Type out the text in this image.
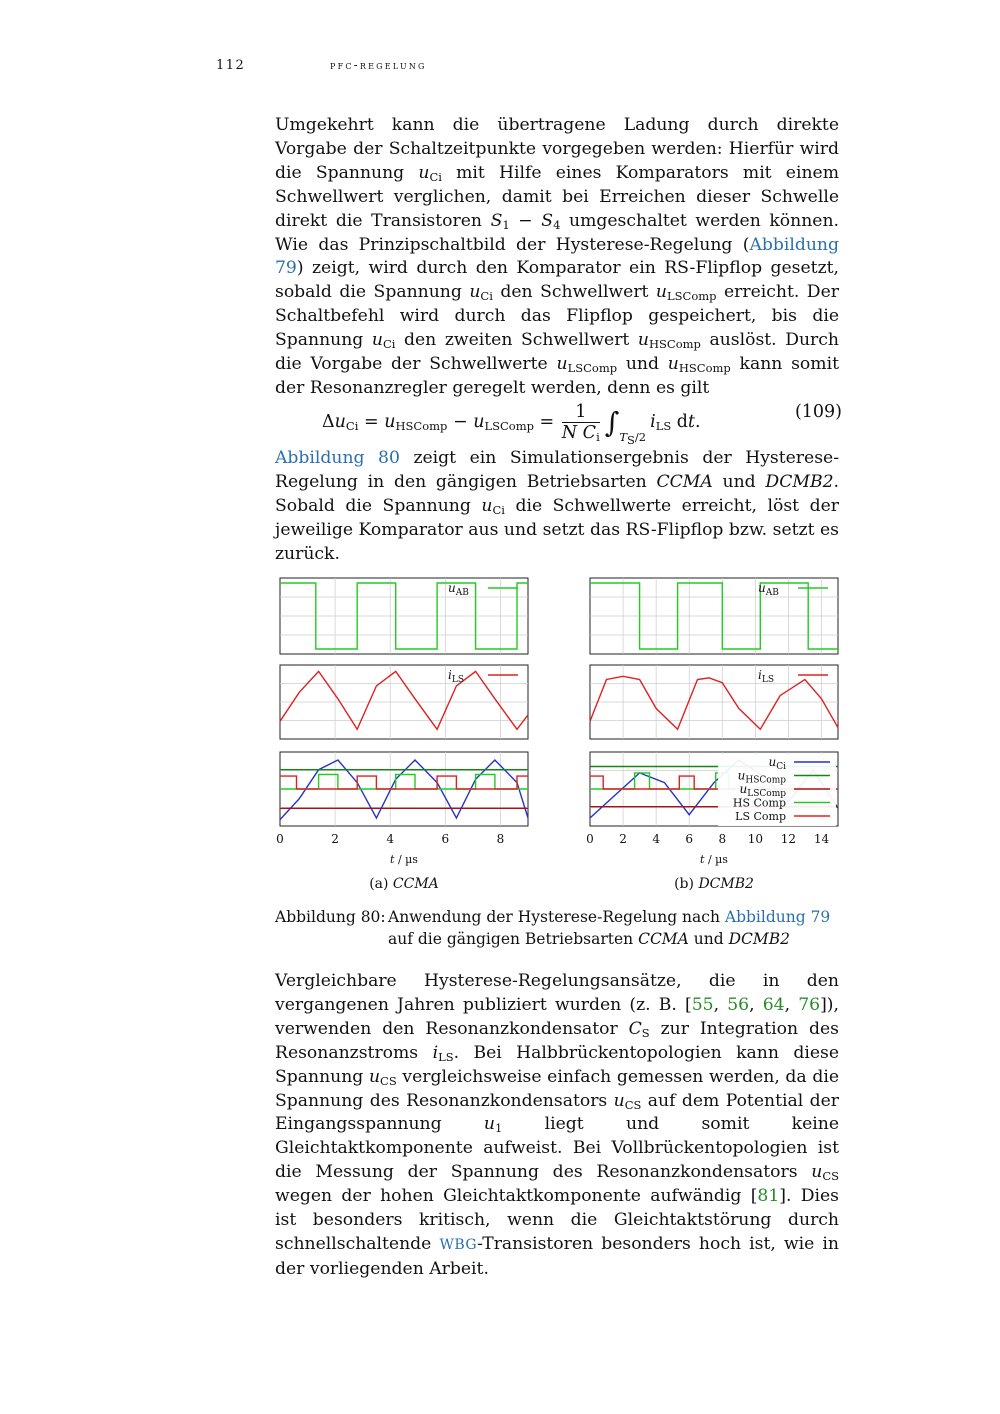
112	pfc-regelung
Umgekehrt kann die übertragene Ladung durch direkte Vorgabe der Schaltzeitpunkte vorgegeben werden: Hierfür wird die Spannung $u_{Ci}$ mit Hilfe eines Komparators mit einem Schwellwert verglichen, damit bei Erreichen dieser Schwelle direkt die Transistoren $S_1 - S_4$ umgeschaltet werden können. Wie das Prinzipschaltbild der Hysterese-Regelung (Abbildung 79) zeigt, wird durch den Komparator ein RS-Flipflop gesetzt, sobald die Spannung $u_{Ci}$ den Schwellwert $u_{LSComp}$ erreicht. Der Schaltbefehl wird durch das Flipflop gespeichert, bis die Spannung $u_{Ci}$ den zweiten Schwellwert $u_{HSComp}$ auslöst. Durch die Vorgabe der Schwellwerte $u_{LSComp}$ und $u_{HSComp}$ kann somit der Resonanzregler geregelt werden, denn es gilt
$\Delta u_{Ci} = u_{HSComp} - u_{LSComp} = \frac{1}{N C_i} \int_{T_S/2}i_{LS}$ dt.	(109)
Abbildung 80 zeigt ein Simulationsergebnis der Hysterese-Regelung in den gängigen Betriebsarten CCMA und DCMB2. Sobald die Spannung $u_{Ci}$ die Schwellwerte erreicht, löst der jeweilige Komparator aus und setzt das RS-Flipflop bzw. setzt es zurück.
$u_{AB}$
$i_{LS}$
0	2	4	6	8
t / µs
(a) CCMA
$u_{AB}$
$i_{LS}$
$u_{Ci}$
$u_{HSComp}$
$u_{LSComp}$
HS Comp
LS Comp
0 2 4 6 8 10 12 14
t / µs
(b) DCMB2
Abbildung 80: Anwendung der Hysterese-Regelung nach Abbildung 79 auf die gängigen Betriebsarten CCMA und DCMB2
Vergleichbare Hysterese-Regelungsansätze, die in den vergangenen Jahren publiziert wurden (z. B. [55, 56, 64, 76]), verwenden den Resonanzkondensator $C_S$ zur Integration des Resonanzstroms $i_{LS}$. Bei Halbbrückentopologien kann diese Spannung $u_{CS}$ vergleichsweise einfach gemessen werden, da die Spannung des Resonanzkondensators $u_{CS}$ auf dem Potential der Eingangsspannung $u_1$ liegt und somit keine Gleichtaktkomponente aufweist. Bei Vollbrückentopologien ist die Messung der Spannung des Resonanzkondensators $u_{CS}$ wegen der hohen Gleichtaktkomponente aufwändig [81]. Dies ist besonders kritisch, wenn die Gleichtaktstörung durch schnellschaltende WBG-Transistoren besonders hoch ist, wie in der vorliegenden Arbeit.
